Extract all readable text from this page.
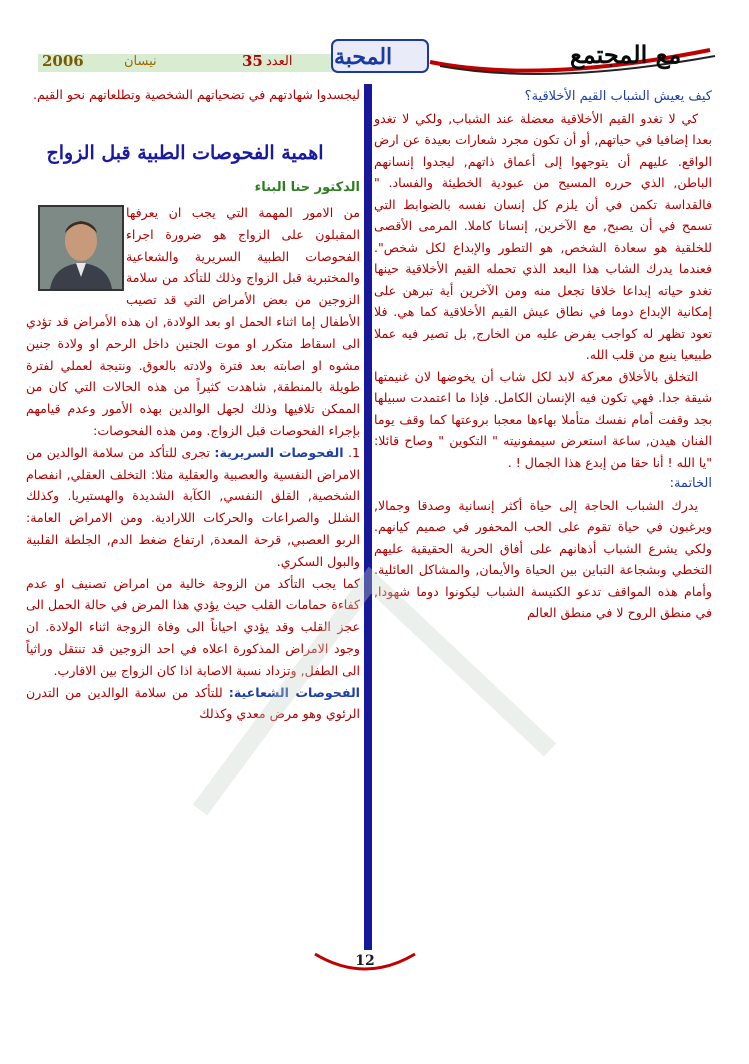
2006	نيسان	35 العدد المحبة	مع المجتمع

كيف يعيش الشباب القيم الأخلاقية؟

كي لا تغدو القيم الأخلاقية معضلة عند الشباب, ولكي لا تغدو بعدا إضافيا في حياتهم, أو أن تكون مجرد شعارات بعيدة عن ارض الواقع. عليهم أن يتوجهوا إلى أعماق ذاتهم, ليجدوا إنسانهم الباطن, الذي حرره المسيح من عبودية الخطيئة والفساد. " فالقداسة تكمن في أن يلزم كل إنسان نفسه بالضوابط التي تسمح في أن يصبح, مع الآخرين, إنسانا كاملا. المرمى الأقصى للخلقية هو سعادة الشخص, هو التطور والإبداع لكل شخص". فعندما يدرك الشاب هذا البعد الذي تحمله القيم الأخلاقية حينها تغدو حياته إبداعا خلاقا تجعل منه ومن الآخرين أية تبرهن على إمكانية الإبداع دوما في نطاق عيش القيم الأخلاقية كما هي. فلا تعود تظهر له كواجب يفرض عليه من الخارج, بل تصير فيه عملا طبيعيا ينبع من قلب الله.

التخلق بالأخلاق معركة لابد لكل شاب أن يخوضها لان غنيمتها شيقة جدا. فهي تكون فيه الإنسان الكامل. فإذا ما اعتمدت سبيلها بجد وقفت أمام نفسك متأملا بهاءها معجبا بروعتها كما وقف يوما الفنان هيدن, ساعة استعرض سيمفونيته " التكوين " وصاح قائلا: "يا الله ! أنا حقا من إبدع هذا الجمال ! .

الخاتمة:

يدرك الشباب الحاجة إلى حياة أكثر إنسانية وصدقا وجمالا, ويرغبون في حياة تقوم على الحب المحفور في صميم كيانهم. ولكي يشرع الشباب أذهانهم على أفاق الحرية الحقيقية عليهم التخطي وبشجاعة التباين بين الحياة والأيمان, والمشاكل العائلية. وأمام هذه المواقف تدعو الكنيسة الشباب ليكونوا دوما شهودا, في منطق الروح لا في منطق العالم

ليجسدوا شهادتهم في تضحياتهم الشخصية وتطلعاتهم نحو القيم.

اهمية الفحوصات الطبية قبل الزواج
الدكتور حنا البناء

من الامور المهمة التي يجب ان يعرفها المقبلون على الزواج هو ضرورة اجراء الفحوصات الطبية السريرية والشعاعية والمختبرية قبل الزواج وذلك للتأكد من سلامة الزوجين من بعض الأمراض التي قد تصيب الأطفال إما اثناء الحمل او بعد الولادة, ان هذه الأمراض قد تؤدي الى اسقاط متكرر او موت الجنين داخل الرحم او ولادة جنين مشوه او اصابته بعد فترة ولادته بالعوق. ونتيجة لعملي لفترة طويلة بالمنطقة, شاهدت كثيراً من هذه الحالات التي كان من الممكن تلافيها وذلك لجهل الوالدين بهذه الأمور وعدم قيامهم بإجراء الفحوصات قبل الزواج. ومن هذه الفحوصات:

1. الفحوصات السريرية: تجرى للتأكد من سلامة الوالدين من الامراض النفسية والعصبية والعقلية مثلا: التخلف العقلي, انفصام الشخصية, القلق النفسي, الكآبة الشديدة والهستيريا. وكذلك الشلل والصراعات والحركات اللارادية. ومن الامراض العامة: الربو العصبي, قرحة المعدة, ارتفاع ضغط الدم, الجلطة القلبية والبول السكري.

كما يجب التأكد من الزوجة خالية من امراض تصنيف او عدم كفاءة حمامات القلب حيث يؤدي هذا المرض في حالة الحمل الى عجز القلب وقد يؤدي احياناً الى وفاة الزوجة اثناء الولادة. ان وجود الامراض المذكورة اعلاه في احد الزوجين قد تنتقل وراثياً الى الطفل, وتزداد نسبة الاصابة اذا كان الزواج بين الاقارب.

الفحوصات الشعاعية: للتأكد من سلامة الوالدين من التدرن الرئوي وهو مرض معدي وكذلك

12
